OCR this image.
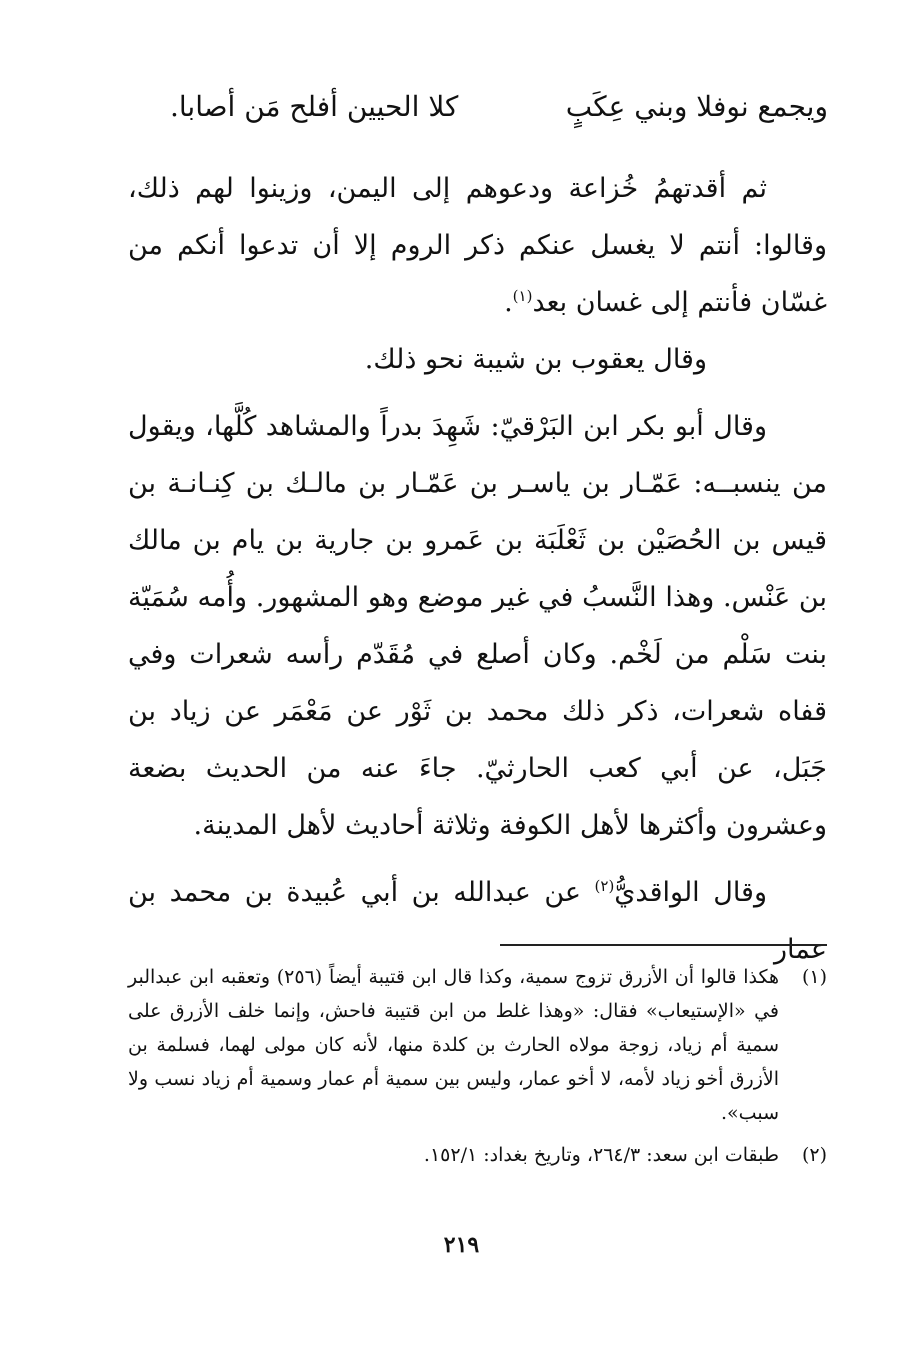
ويجمع نوفلا وبني عِكَبٍ
كلا الحيين أفلح مَن أصابا.

ثم أقدتهمُ خُزاعة ودعوهم إلى اليمن، وزينوا لهم ذلك، وقالوا: أنتم لا يغسل عنكم ذكر الروم إلا أن تدعوا أنكم من غسّان فأنتم إلى غسان بعد$^{(١)}$.

وقال يعقوب بن شيبة نحو ذلك.

وقال أبو بكر ابن البَرْقيّ: شَهِدَ بدراً والمشاهد كُلَّها، ويقول من ينسبــه: عَمّـار بن ياسـر بن عَمّـار بن مالـك بن كِنـانـة بن قيس بن الحُصَيْن بن ثَعْلَبَة بن عَمرو بن جارية بن يام بن مالك بن عَنْس. وهذا النَّسبُ في غير موضع وهو المشهور. وأُمه سُمَيّة بنت سَلْم من لَخْم. وكان أصلع في مُقَدّم رأسه شعرات وفي قفاه شعرات، ذكر ذلك محمد بن ثَوْر عن مَعْمَر عن زياد بن جَبَل، عن أبي كعب الحارثيّ. جاءَ عنه من الحديث بضعة وعشرون وأكثرها لأهل الكوفة وثلاثة أحاديث لأهل المدينة.

وقال الواقديُّ$^{(٢)}$ عن عبدالله بن أبي عُبيدة بن محمد بن عمار

(١)
هكذا قالوا أن الأزرق تزوج سمية، وكذا قال ابن قتيبة أيضاً (٢٥٦) وتعقبه ابن عبدالبر في «الإستيعاب» فقال: «وهذا غلط من ابن قتيبة فاحش، وإنما خلف الأزرق على سمية أم زياد، زوجة مولاه الحارث بن كلدة منها، لأنه كان مولى لهما، فسلمة بن الأزرق أخو زياد لأمه، لا أخو عمار، وليس بين سمية أم عمار وسمية أم زياد نسب ولا سبب».
(٢)
طبقات ابن سعد: ٢٦٤/٣، وتاريخ بغداد: ١٥٢/١.
٢١٩
